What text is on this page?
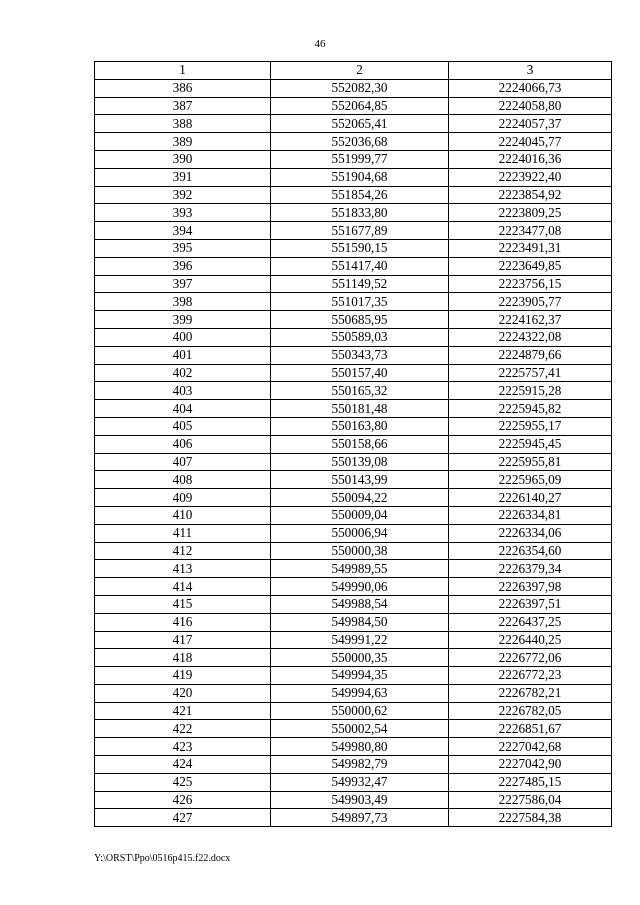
46
1	2	3
386	552082,30	2224066,73
387	552064,85	2224058,80
388	552065,41	2224057,37
389	552036,68	2224045,77
390	551999,77	2224016,36
391	551904,68	2223922,40
392	551854,26	2223854,92
393	551833,80	2223809,25
394	551677,89	2223477,08
395	551590,15	2223491,31
396	551417,40	2223649,85
397	551149,52	2223756,15
398	551017,35	2223905,77
399	550685,95	2224162,37
400	550589,03	2224322,08
401	550343,73	2224879,66
402	550157,40	2225757,41
403	550165,32	2225915,28
404	550181,48	2225945,82
405	550163,80	2225955,17
406	550158,66	2225945,45
407	550139,08	2225955,81
408	550143,99	2225965,09
409	550094,22	2226140,27
410	550009,04	2226334,81
411	550006,94	2226334,06
412	550000,38	2226354,60
413	549989,55	2226379,34
414	549990,06	2226397,98
415	549988,54	2226397,51
416	549984,50	2226437,25
417	549991,22	2226440,25
418	550000,35	2226772,06
419	549994,35	2226772,23
420	549994,63	2226782,21
421	550000,62	2226782,05
422	550002,54	2226851,67
423	549980,80	2227042,68
424	549982,79	2227042,90
425	549932,47	2227485,15
426	549903,49	2227586,04
427	549897,73	2227584,38
Y:\ORST\Ppo\0516p415.f22.docx
